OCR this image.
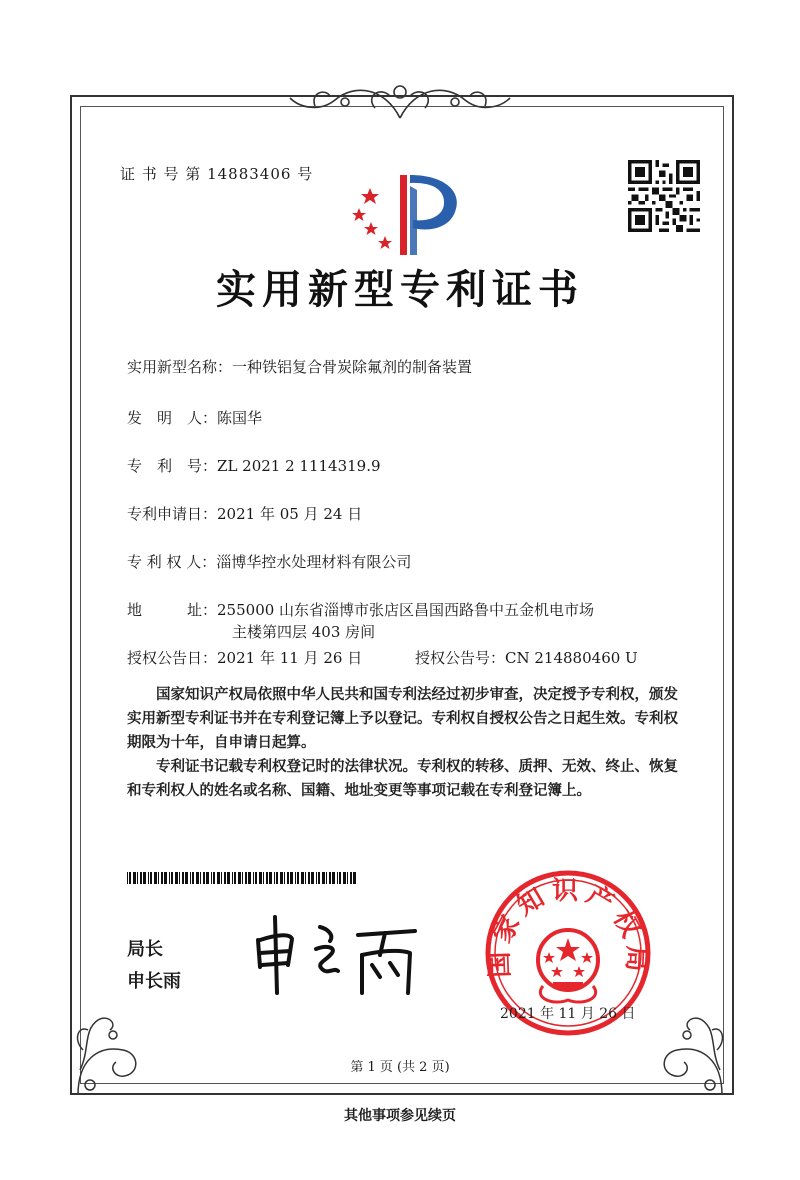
证 书 号 第 14883406 号
实用新型专利证书
实用新型名称：一种铁铝复合骨炭除氟剂的制备装置
发　明　人：陈国华
专　利　号：ZL 2021 2 1114319.9
专利申请日：2021 年 05 月 24 日
专 利 权 人：淄博华控水处理材料有限公司
地　　　址：255000 山东省淄博市张店区昌国西路鲁中五金机电市场
主楼第四层 403 房间
授权公告日：2021 年 11 月 26 日	授权公告号：CN 214880460 U
国家知识产权局依照中华人民共和国专利法经过初步审查，决定授予专利权，颁发实用新型专利证书并在专利登记簿上予以登记。专利权自授权公告之日起生效。专利权期限为十年，自申请日起算。
专利证书记载专利权登记时的法律状况。专利权的转移、质押、无效、终止、恢复和专利权人的姓名或名称、国籍、地址变更等事项记载在专利登记簿上。
局长
申长雨
国家知识产权局
2021 年 11 月 26 日
第 1 页 (共 2 页)
其他事项参见续页
